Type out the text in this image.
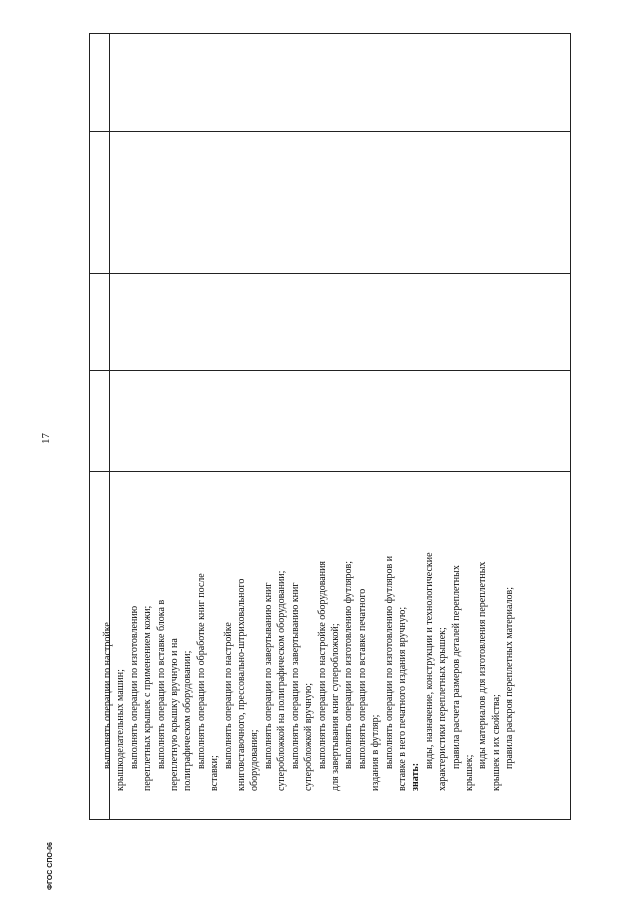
выполнять операции по настройке крышкоделательных машин; выполнять операции по изготовлению переплетных крышек с применением кожи; выполнять операции по вставке блока в переплетную крышку вручную и на полиграфическом оборудовании; выполнять операции по обработке книг после
вставки;
выполнять операции по настройке книговставочного, прессовально-штриховального оборудования; выполнять операции по завертыванию книг суперобложкой на полиграфическом оборудовании; выполнять операции по завертыванию книг суперобложкой вручную; выполнять операции по настройке оборудования для завертывания книг суперобложкой; выполнять операции по изготовлению футляров; выполнять операции по вставке печатного издания в футляр; выполнять операции по изготовлению футляров и вставке в него печатного издания вручную; знать:
виды, назначение, конструкции и технологические характеристики переплетных крышек; правила расчета размеров деталей переплетных
крышек;
виды материалов для изготовления переплетных крышек и их свойства; правила раскроя переплетных материалов;
17
ФГОС СПО-06
